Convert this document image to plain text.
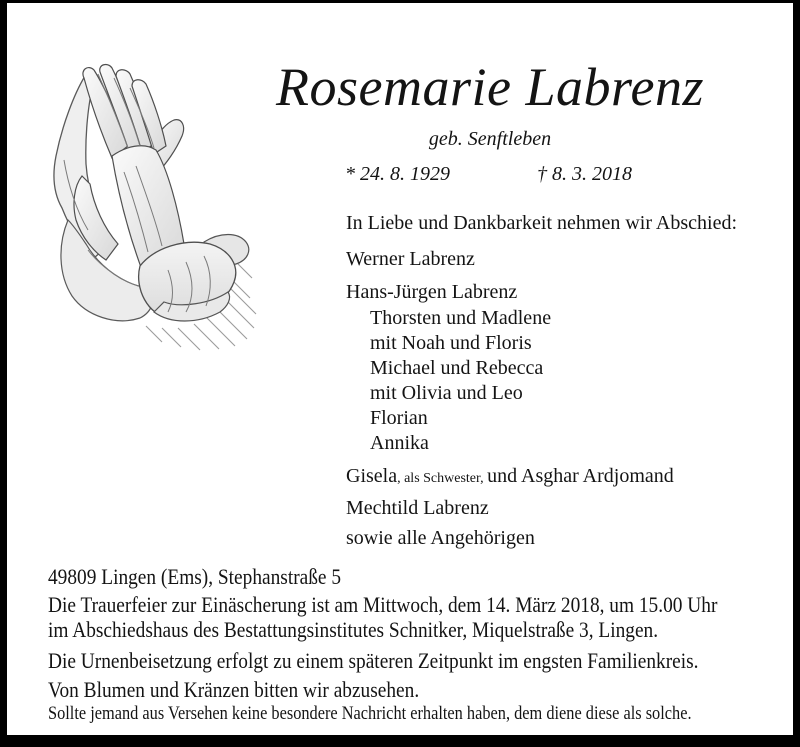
Rosemarie Labrenz
geb. Senftleben
* 24. 8. 1929	† 8. 3. 2018
In Liebe und Dankbarkeit nehmen wir Abschied:
Werner Labrenz
Hans-Jürgen Labrenz
Thorsten und Madlene
mit Noah und Floris
Michael und Rebecca
mit Olivia und Leo
Florian
Annika
Gisela, als Schwester, und Asghar Ardjomand
Mechtild Labrenz
sowie alle Angehörigen
49809 Lingen (Ems), Stephanstraße 5
Die Trauerfeier zur Einäscherung ist am Mittwoch, dem 14. März 2018, um 15.00 Uhr
im Abschiedshaus des Bestattungsinstitutes Schnitker, Miquelstraße 3, Lingen.
Die Urnenbeisetzung erfolgt zu einem späteren Zeitpunkt im engsten Familienkreis.
Von Blumen und Kränzen bitten wir abzusehen.
Sollte jemand aus Versehen keine besondere Nachricht erhalten haben, dem diene diese als solche.
